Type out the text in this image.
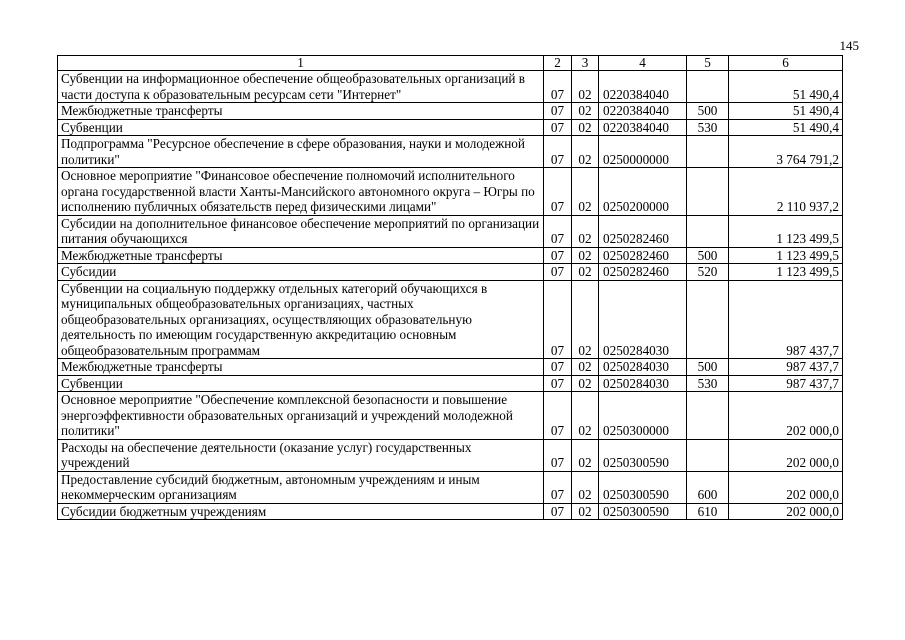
145
1	2	3	4	5	6
Субвенции на информационное обеспечение общеобразовательных организаций в части доступа к образовательным ресурсам сети "Интернет"	07	02	0220384040		51 490,4
Межбюджетные трансферты	07	02	0220384040	500	51 490,4
Субвенции	07	02	0220384040	530	51 490,4
Подпрограмма "Ресурсное обеспечение в сфере образования, науки и молодежной политики"	07	02	0250000000		3 764 791,2
Основное мероприятие "Финансовое обеспечение полномочий исполнительного органа государственной власти Ханты-Мансийского автономного округа – Югры по исполнению публичных обязательств перед физическими лицами"	07	02	0250200000		2 110 937,2
Субсидии на дополнительное финансовое обеспечение мероприятий по организации питания обучающихся	07	02	0250282460		1 123 499,5
Межбюджетные трансферты	07	02	0250282460	500	1 123 499,5
Субсидии	07	02	0250282460	520	1 123 499,5
Субвенции на социальную поддержку отдельных категорий обучающихся в муниципальных общеобразовательных организациях, частных общеобразовательных организациях, осуществляющих образовательную деятельность по имеющим государственную аккредитацию основным общеобразовательным программам	07	02	0250284030		987 437,7
Межбюджетные трансферты	07	02	0250284030	500	987 437,7
Субвенции	07	02	0250284030	530	987 437,7
Основное мероприятие "Обеспечение комплексной безопасности и повышение энергоэффективности образовательных организаций и учреждений молодежной политики"	07	02	0250300000		202 000,0
Расходы на обеспечение деятельности (оказание услуг) государственных учреждений	07	02	0250300590		202 000,0
Предоставление субсидий бюджетным, автономным учреждениям и иным некоммерческим организациям	07	02	0250300590	600	202 000,0
Субсидии бюджетным учреждениям	07	02	0250300590	610	202 000,0
